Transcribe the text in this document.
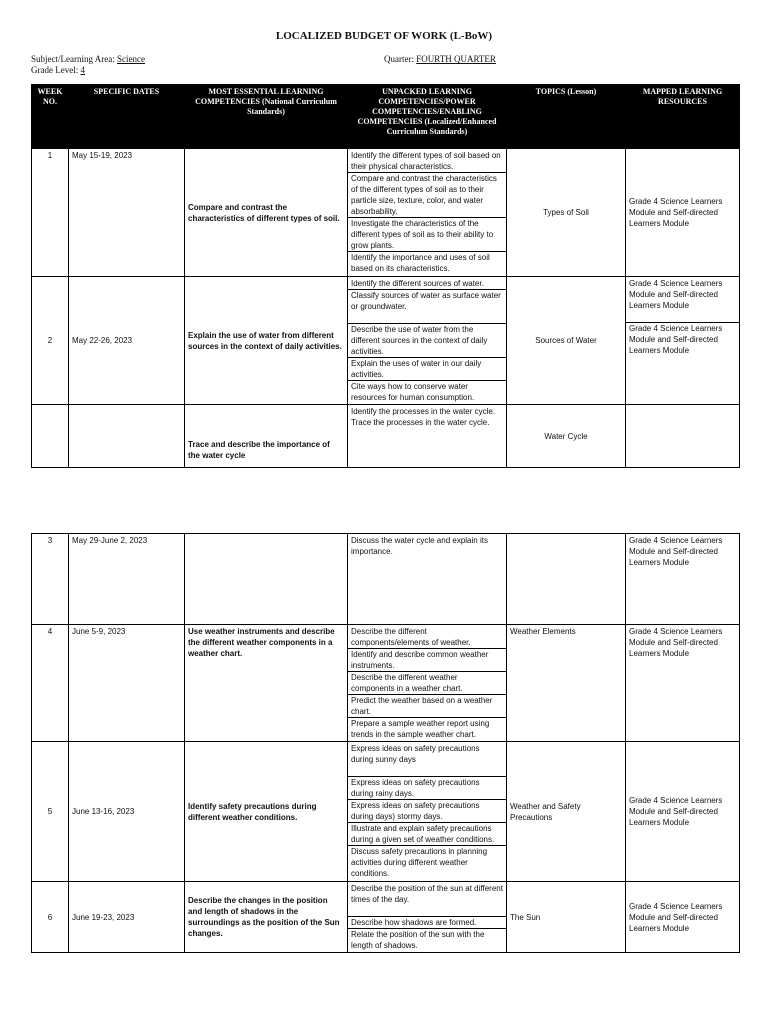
LOCALIZED BUDGET OF WORK (L-BoW)
Subject/Learning Area: Science
Grade Level: 4
Quarter: FOURTH QUARTER
WEEK NO.	SPECIFIC DATES	MOST ESSENTIAL LEARNING COMPETENCIES (National Curriculum Standards)	UNPACKED LEARNING COMPETENCIES/POWER COMPETENCIES/ENABLING COMPETENCIES (Localized/Enhanced Curriculum Standards)	TOPICS (Lesson)	MAPPED LEARNING RESOURCES
1	May 15-19, 2023	Compare and contrast the characteristics of different types of soil.	Identify the different types of soil based on their physical characteristics.
Compare and contrast the characteristics of the different types of soil as to their particle size, texture, color, and water absorbability.
Investigate the characteristics of the different types of soil as to their ability to grow plants.
Identify the importance and uses of soil based on its characteristics.	Types of Soil	Grade 4 Science Learners Module and Self-directed Learners Module
2	May 22-26, 2023	Explain the use of water from different sources in the context of daily activities.	Identify the different sources of water.
Classify sources of water as surface water or groundwater.
Describe the use of water from the different sources in the context of daily activities.
Explain the uses of water in our daily activities.
Cite ways how to conserve water resources for human consumption.	Sources of Water	Grade 4 Science Learners Module and Self-directed Learners Module
Grade 4 Science Learners Module and Self-directed Learners Module

		Trace and describe the importance of the water cycle	Identify the processes in the water cycle.
Trace the processes in the water cycle.	Water Cycle	
3	May 29-June 2, 2023		Discuss the water cycle and explain its importance.		Grade 4 Science Learners Module and Self-directed Learners Module
4	June 5-9, 2023	Use weather instruments and describe the different weather components in a weather chart.	Describe the different components/elements of weather.
Identify and describe common weather instruments.
Describe the different weather components in a weather chart.
Predict the weather based on a weather chart.
Prepare a sample weather report using trends in the sample weather chart.	Weather Elements	Grade 4 Science Learners Module and Self-directed Learners Module
5	June 13-16, 2023	Identify safety precautions during different weather conditions.	Express ideas on safety precautions during sunny days
Express ideas on safety precautions during rainy days.
Express ideas on safety precautions during days) stormy days.
Illustrate and explain safety precautions during a given set of weather conditions.
Discuss safety precautions in planning activities during different weather conditions.	Weather and Safety Precautions	Grade 4 Science Learners Module and Self-directed Learners Module
6	June 19-23, 2023	Describe the changes in the position and length of shadows in the surroundings as the position of the Sun changes.	Describe the position of the sun at different times of the day.
Describe how shadows are formed.
Relate the position of the sun with the length of shadows.	The Sun	Grade 4 Science Learners Module and Self-directed Learners Module
